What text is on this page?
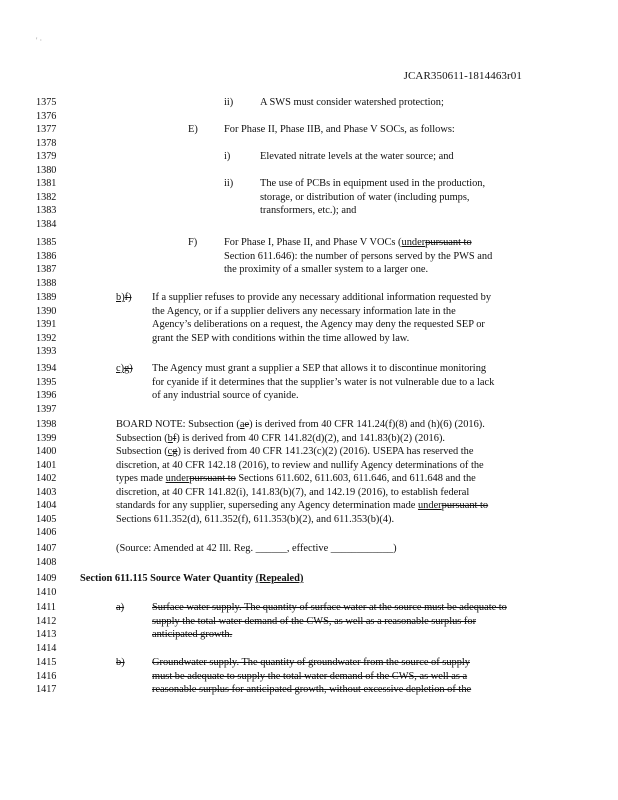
' ·
JCAR350611-1814463r01
1375	ii)	A SWS must consider watershed protection;
1376
1377	E)	For Phase II, Phase IIB, and Phase V SOCs, as follows:
1378
1379	i)	Elevated nitrate levels at the water source; and
1380
1381	ii)	The use of PCBs in equipment used in the production,
1382	storage, or distribution of water (including pumps,
1383	transformers, etc.); and
1384
1385	F)	For Phase I, Phase II, and Phase V VOCs (underpursuant to
1386	Section 611.646): the number of persons served by the PWS and
1387	the proximity of a smaller system to a larger one.
1388
1389	b)f) If a supplier refuses to provide any necessary additional information requested by
1390	the Agency, or if a supplier delivers any necessary information late in the
1391	Agency’s deliberations on a request, the Agency may deny the requested SEP or
1392	grant the SEP with conditions within the time allowed by law.
1393
1394	c)g) The Agency must grant a supplier a SEP that allows it to discontinue monitoring
1395	for cyanide if it determines that the supplier’s water is not vulnerable due to a lack
1396	of any industrial source of cyanide.
1397
1398	BOARD NOTE: Subsection (ae) is derived from 40 CFR 141.24(f)(8) and (h)(6) (2016).
1399	Subsection (bf) is derived from 40 CFR 141.82(d)(2), and 141.83(b)(2) (2016).
1400	Subsection (cg) is derived from 40 CFR 141.23(c)(2) (2016). USEPA has reserved the
1401	discretion, at 40 CFR 142.18 (2016), to review and nullify Agency determinations of the
1402	types made underpursuant to Sections 611.602, 611.603, 611.646, and 611.648 and the
1403	discretion, at 40 CFR 141.82(i), 141.83(b)(7), and 142.19 (2016), to establish federal
1404	standards for any supplier, superseding any Agency determination made underpursuant to
1405	Sections 611.352(d), 611.352(f), 611.353(b)(2), and 611.353(b)(4).
1406
1407	(Source: Amended at 42 Ill. Reg. ______, effective ____________)
1408
1409	Section 611.115 Source Water Quantity (Repealed)
1410
1411	a)	Surface water supply. The quantity of surface water at the source must be adequate to
1412	supply the total water demand of the CWS, as well as a reasonable surplus for
1413	anticipated growth.
1414
1415	b)	Groundwater supply. The quantity of groundwater from the source of supply
1416	must be adequate to supply the total water demand of the CWS, as well as a
1417	reasonable surplus for anticipated growth, without excessive depletion of the
